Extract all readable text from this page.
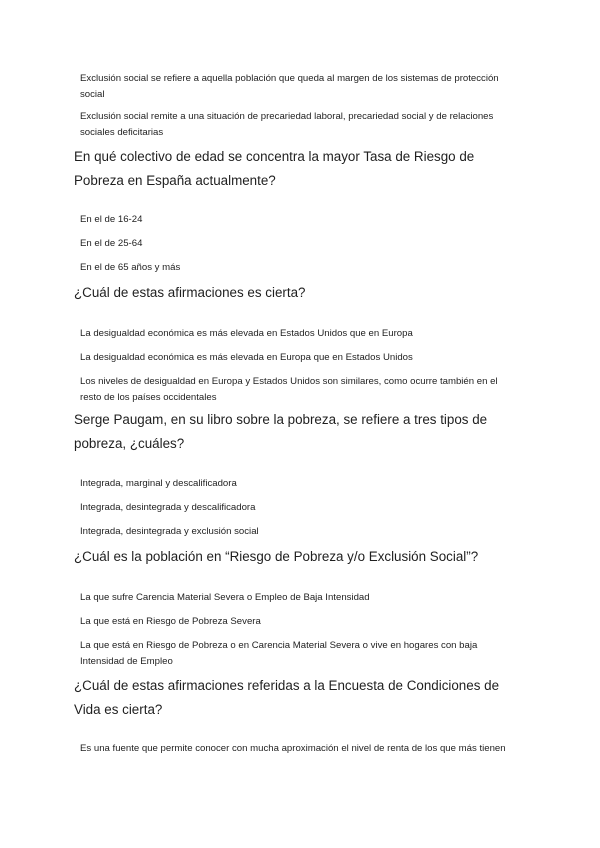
Exclusión social se refiere a aquella población que queda al margen de los sistemas de protección social
Exclusión social remite a una situación de precariedad laboral, precariedad social y de relaciones sociales deficitarias
En qué colectivo de edad se concentra la mayor Tasa de Riesgo de Pobreza en España actualmente?
En el de 16-24
En el de 25-64
En el de 65 años y más
¿Cuál de estas afirmaciones es cierta?
La desigualdad económica es más elevada en Estados Unidos que en Europa
La desigualdad económica es más elevada en Europa que en Estados Unidos
Los niveles de desigualdad en Europa y Estados Unidos son similares, como ocurre también en el resto de los países occidentales
Serge Paugam, en su libro sobre la pobreza, se refiere a tres tipos de pobreza, ¿cuáles?
Integrada, marginal y descalificadora
Integrada, desintegrada y descalificadora
Integrada, desintegrada y exclusión social
¿Cuál es la población en “Riesgo de Pobreza y/o Exclusión Social”?
La que sufre Carencia Material Severa o Empleo de Baja Intensidad
La que está en Riesgo de Pobreza Severa
La que está en Riesgo de Pobreza o en Carencia Material Severa o vive en hogares con baja Intensidad de Empleo
¿Cuál de estas afirmaciones referidas a la Encuesta de Condiciones de Vida es cierta?
Es una fuente que permite conocer con mucha aproximación el nivel de renta de los que más tienen
